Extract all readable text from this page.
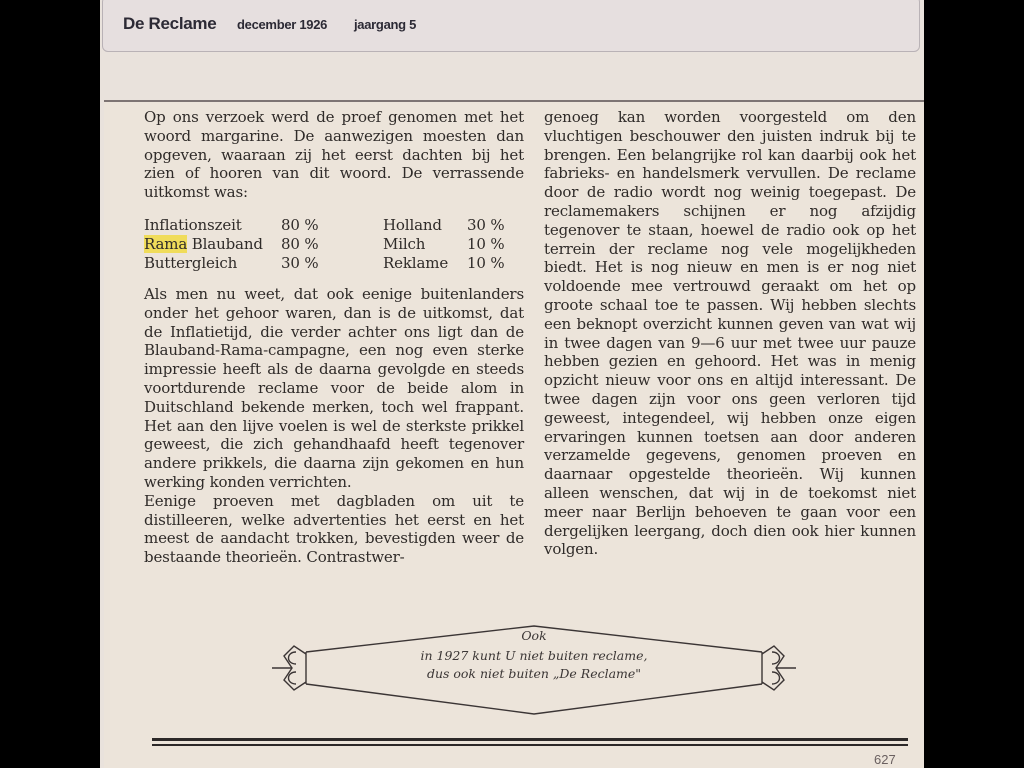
De Reclame december 1926 jaargang 5

Op ons verzoek werd de proef genomen met het woord margarine. De aanwezigen moesten dan opgeven, waaraan zij het eerst dachten bij het zien of hooren van dit woord. De verrassende uitkomst was:

Inflationszeit	80 %	Holland	30 %
Rama Blauband	80 %	Milch	10 %
Buttergleich	30 %	Reklame	10 %

Als men nu weet, dat ook eenige buitenlanders onder het gehoor waren, dan is de uitkomst, dat de Inflatietijd, die verder achter ons ligt dan de Blauband-Rama-campagne, een nog even sterke impressie heeft als de daarna gevolgde en steeds voortdurende reclame voor de beide alom in Duitschland bekende merken, toch wel frappant. Het aan den lijve voelen is wel de sterkste prikkel geweest, die zich gehandhaafd heeft tegenover andere prikkels, die daarna zijn gekomen en hun werking konden verrichten.

Eenige proeven met dagbladen om uit te distilleeren, welke advertenties het eerst en het meest de aandacht trokken, bevestigden weer de bestaande theorieën. Contrastwer-

genoeg kan worden voorgesteld om den vluchtigen beschouwer den juisten indruk bij te brengen. Een belangrijke rol kan daarbij ook het fabrieks- en handelsmerk vervullen. De reclame door de radio wordt nog weinig toegepast. De reclamemakers schijnen er nog afzijdig tegenover te staan, hoewel de radio ook op het terrein der reclame nog vele mogelijkheden biedt. Het is nog nieuw en men is er nog niet voldoende mee vertrouwd geraakt om het op groote schaal toe te passen. Wij hebben slechts een beknopt overzicht kunnen geven van wat wij in twee dagen van 9—6 uur met twee uur pauze hebben gezien en gehoord. Het was in menig opzicht nieuw voor ons en altijd interessant. De twee dagen zijn voor ons geen verloren tijd geweest, integendeel, wij hebben onze eigen ervaringen kunnen toetsen aan door anderen verzamelde gegevens, genomen proeven en daarnaar opgestelde theorieën. Wij kunnen alleen wenschen, dat wij in de toekomst niet meer naar Berlijn behoeven te gaan voor een dergelijken leergang, doch dien ook hier kunnen volgen.

Ook
in 1927 kunt U niet buiten reclame,
dus ook niet buiten „De Reclame"
627
